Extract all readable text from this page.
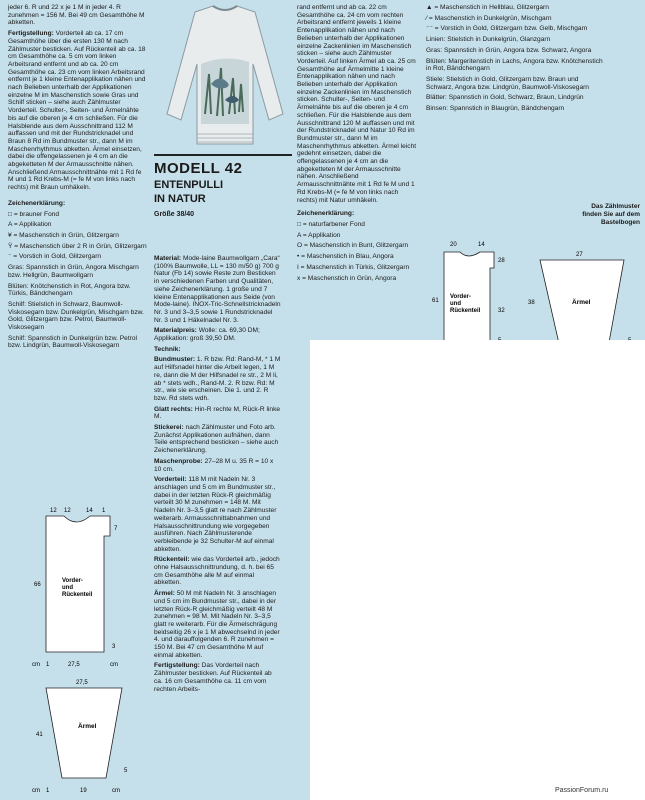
jeder 6. R und 22 x je 1 M in jeder 4. R zunehmen = 156 M. Bei 49 cm Gesamthöhe M abketten.

Fertigstellung: Vorderteil ab ca. 17 cm Gesamthöhe über die ersten 130 M nach Zählmuster besticken. Auf Rückenteil ab ca. 18 cm Gesamthöhe ca. 5 cm vom linken Arbeitsrand entfernt und ab ca. 20 cm Gesamthöhe ca. 23 cm vom linken Arbeitsrand entfernt je 1 kleine Entenapplikation nähen und nach Belieben unterhalb der Applikationen einzelne M im Maschenstich sowie Gras und Schilf sticken – siehe auch Zählmuster Vorderteil. Schulter-, Seiten- und Ärmelnähte bis auf die oberen je 4 cm schließen. Für die Halsblende aus dem Ausschnittrand 112 M auffassen und mit der Rundstricknadel und Braun 8 Rd im Bundmuster str., dann M im Maschenrhythmus abketten. Ärmel einsetzen, dabei die offengelassenen je 4 cm an die abgeketteten M der Armausschnitte nähen. Anschließend Armausschnittnähte mit 1 Rd fe M und 1 Rd Krebs-M (= fe M von links nach rechts) mit Braun umhäkeln.

Zeichenerklärung:

□ = brauner Fond

A = Applikation

¥ = Maschenstich in Grün, Glitzergarn

Ÿ = Maschenstich über 2 R in Grün, Glitzergarn

⁻ = Vorstich in Gold, Glitzergarn

Gras: Spannstich in Grün, Angora Mischgarn bzw. Hellgrün, Baumwollgarn

Blüten: Knötchenstich in Rot, Angora bzw. Türkis, Bändchengarn

Schilf: Stielstich in Schwarz, Baumwoll-Viskosegarn bzw. Dunkelgrün, Mischgarn bzw. Gold, Glitzergarn bzw. Petrol, Baumwoll-Viskosegarn

Schilf: Spannstich in Dunkelgrün bzw. Petrol bzw. Lindgrün, Baumwoll-Viskosegarn

MODELL 42

ENTENPULLI

IN NATUR

Größe 38/40

Material: Mode-laine Baumwollgarn „Cara“ (100% Baumwolle, LL = 130 m/50 g) 700 g Natur (Fb 14) sowie Reste zum Besticken in verschiedenen Farben und Qualitäten, siehe Zeichenerklärung. 1 große und 7 kleine Entenapplikationen aus Seide (von Mode-laine). INOX-Tric-Schnellstricknadeln Nr. 3 und 3–3,5 sowie 1 Rundstricknadel Nr. 3 und 1 Häkelnadel Nr. 3.

Materialpreis: Wolle: ca. 69,30 DM; Applikation: groß 39,50 DM.

Technik:

Bundmuster: 1. R bzw. Rd: Rand-M, * 1 M auf Hilfsnadel hinter die Arbeit legen, 1 M re, dann die M der Hilfsnadel re str., 2 M li, ab * stets wdh., Rand-M. 2. R bzw. Rd: M str., wie sie erscheinen. Die 1. und 2. R bzw. Rd stets wdh.

Glatt rechts: Hin-R rechte M, Rück-R linke M.

Stickerei: nach Zählmuster und Foto arb. Zunächst Applikationen aufnähen, dann Teile entsprechend besticken – siehe auch Zeichenerklärung.

Maschenprobe: 27–28 M u. 35 R = 10 x 10 cm.

Vorderteil: 118 M mit Nadeln Nr. 3 anschlagen und 5 cm im Bundmuster str., dabei in der letzten Rück-R gleichmäßig verteilt 30 M zunehmen = 148 M. Mit Nadeln Nr. 3–3,5 glatt re nach Zählmuster weiterarb. Armausschnittabnahmen und Halsausschnittrundung wie vorgegeben ausführen. Nach Zählmusterende verbleibende je 32 Schulter-M auf einmal abketten.

Rückenteil: wie das Vorderteil arb., jedoch ohne Halsausschnittrundung, d. h. bei 65 cm Gesamthöhe alle M auf einmal abketten.

Ärmel: 50 M mit Nadeln Nr. 3 anschlagen und 5 cm im Bundmuster str., dabei in der letzten Rück-R gleichmäßig verteilt 48 M zunehmen = 98 M. Mit Nadeln Nr. 3–3,5 glatt re weiterarb. Für die Ärmelschrägung beidseitig 26 x je 1 M abwechselnd in jeder 4. und darauffolgenden 6. R zunehmen = 150 M. Bei 47 cm Gesamthöhe M auf einmal abketten.

Fertigstellung: Das Vorderteil nach Zählmuster besticken. Auf Rückenteil ab ca. 16 cm Gesamthöhe ca. 11 cm vom rechten Arbeits-

rand entfernt und ab ca. 22 cm Gesamthöhe ca. 24 cm vom rechten Arbeitsrand entfernt jeweils 1 kleine Entenapplikation nähen und nach Belieben unterhalb der Applikationen einzelne Zackenlinien im Maschenstich sticken – siehe auch Zählmuster Vorderteil. Auf linken Ärmel ab ca. 25 cm Gesamthöhe auf Ärmelmitte 1 kleine Entenapplikation nähen und nach Belieben unterhalb der Applikation einzelne Zackenlinien im Maschenstich sticken. Schulter-, Seiten- und Ärmelnähte bis auf die oberen je 4 cm schließen. Für die Halsblende aus dem Ausschnittrand 120 M auffassen und mit der Rundstricknadel und Natur 10 Rd im Bundmuster str., dann M im Maschenrhythmus abketten. Ärmel leicht gedehnt einsetzen, dabei die offengelassenen je 4 cm an die abgeketteten M der Armausschnitte nähen. Anschließend Armausschnittnähte mit 1 Rd fe M und 1 Rd Krebs-M (= fe M von links nach rechts) mit Natur umhäkeln.

Zeichenerklärung:

□ = naturfarbener Fond

A = Applikation

O = Maschenstich in Bunt, Glitzergarn

• = Maschenstich in Blau, Angora

I = Maschenstich in Türkis, Glitzergarn

x = Maschenstich in Grün, Angora

▲ = Maschenstich in Hellblau, Glitzergarn

⁄ = Maschenstich in Dunkelgrün, Mischgarn

⁻⁻ = Vorstich in Gold, Glitzergarn bzw. Gelb, Mischgarn

Linien: Stielstich in Dunkelgrün, Glanzgarn

Gras: Spannstich in Grün, Angora bzw. Schwarz, Angora

Blüten: Margeritenstich in Lachs, Angora bzw. Knötchenstich in Rot, Bändchengarn

Stiele: Stielstich in Gold, Glitzergarn bzw. Braun und Schwarz, Angora bzw. Lindgrün, Baumwoll-Viskosegarn

Blätter: Spannstich in Gold, Schwarz, Braun, Lindgrün

Binsen: Spannstich in Blaugrün, Bändchengarn

Das Zählmuster finden Sie auf dem Bastelbogen
20	14
28
61
32
Vorder-
und
Rückenteil
27
38	Ärmel
12 12	14 1
7
66
3
Vorder-
und
Rückenteil
cm 1	27,5	cm
27,5
41
5
Ärmel
cm 1	19	cm	PassionForum.ru
